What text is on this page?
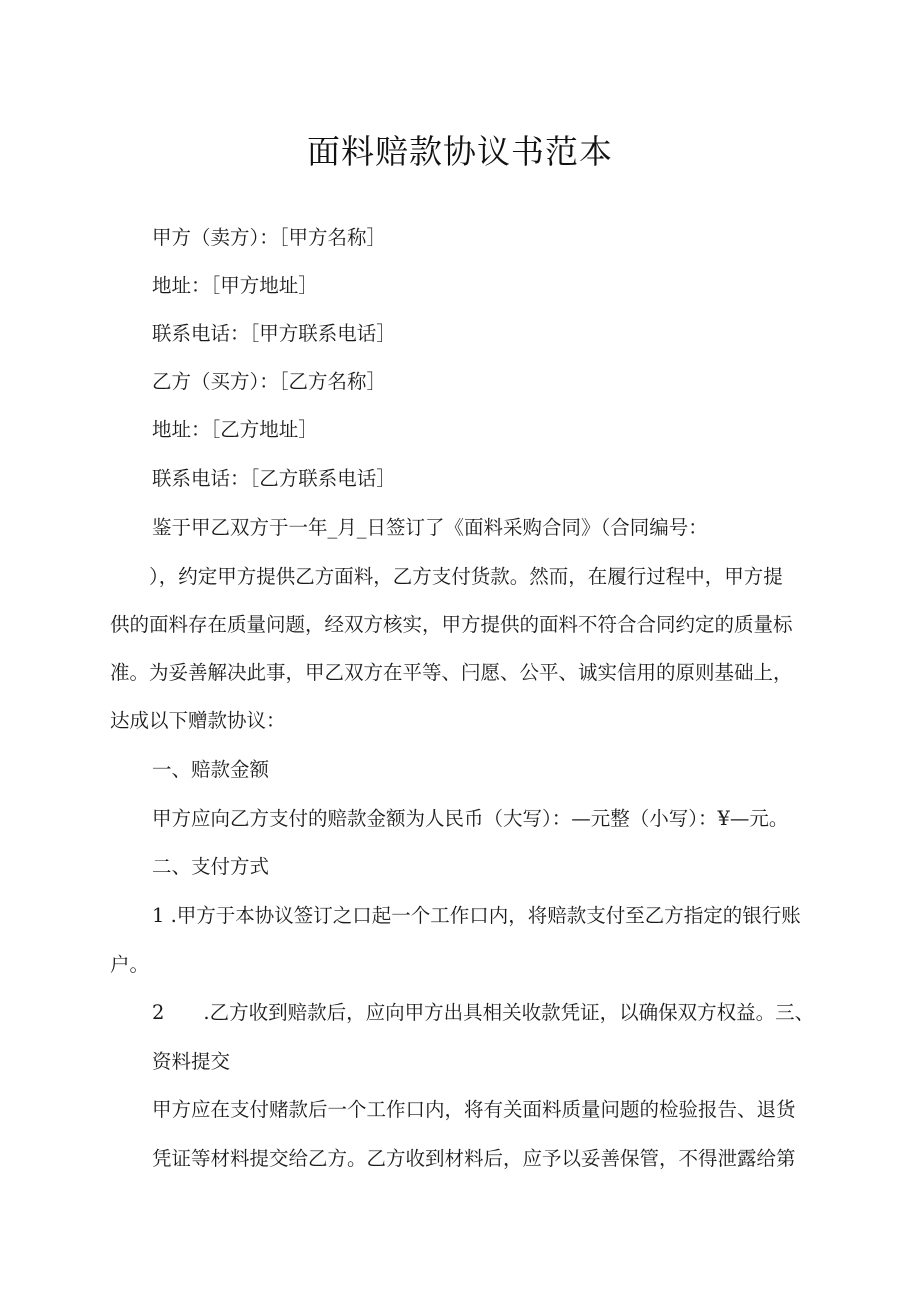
面料赔款协议书范本
甲方（卖方）：［甲方名称］
地址：［甲方地址］
联系电话：［甲方联系电话］
乙方（买方）：［乙方名称］
地址：［乙方地址］
联系电话：［乙方联系电话］
鉴于甲乙双方于一年_月_日签订了《面料采购合同》（合同编号：
　　），约定甲方提供乙方面料，乙方支付货款。然而，在履行过程中，甲方提
供的面料存在质量问题，经双方核实，甲方提供的面料不符合合同约定的质量标
准。为妥善解决此事，甲乙双方在平等、闩愿、公平、诚实信用的原则基础上，
达成以下赠款协议：
一、赔款金额
甲方应向乙方支付的赔款金额为人民币（大写）：—元整（小写）：¥—元。
二、支付方式
1 .甲方于本协议签订之口起一个工作口内，将赔款支付至乙方指定的银行账
户。
2　　.乙方收到赔款后，应向甲方出具相关收款凭证，以确保双方权益。三、
资料提交
甲方应在支付赌款后一个工作口内，将有关面料质量问题的检验报告、退货
凭证等材料提交给乙方。乙方收到材料后，应予以妥善保管，不得泄露给第
